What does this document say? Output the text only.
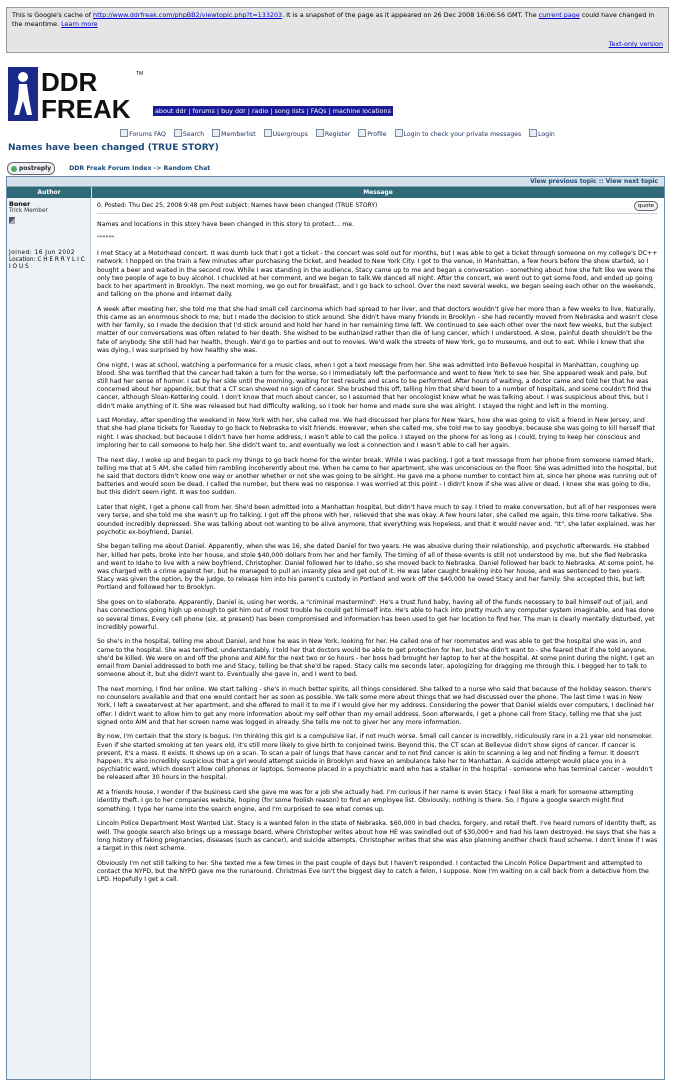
This is Google's cache of http://www.ddrfreak.com/phpBB2/viewtopic.php?t=133203. It is a snapshot of the page as it appeared on 26 Dec 2008 16:06:56 GMT. The current page could have changed in the meantime. Learn more
Text-only version
DDR
FREAK
TM
about ddr | forums | buy ddr | radio | song lists | FAQs | machine locations
Forums FAQ	Search	Memberlist	Usergroups	Register	Profile	Login to check your private messages	Login
Names have been changed (TRUE STORY)
postreply	DDR Freak Forum Index -> Random Chat
View previous topic :: View next topic
Author	Message
Boner
Trick Member
Joined: 16 Jun 2002
Location: C H E R R Y L I C I O U S
0. Posted: Thu Dec 25, 2008 9:48 pm Post subject: Names have been changed (TRUE STORY)	quote

Names and locations in this story have been changed in this story to protect... me.

""""""

I met Stacy at a Motorhead concert. It was dumb luck that I got a ticket - the concert was sold out for months, but I was able to get a ticket through someone on my college's DC++ network. I hopped on the train a few minutes after purchasing the ticket, and headed to New York City. I got to the venue, in Manhattan, a few hours before the show started, so I bought a beer and waited in the second row. While I was standing in the audience, Stacy came up to me and began a conversation - something about how she felt like we were the only two people of age to buy alcohol. I chuckled at her comment, and we began to talk.We danced all night. After the concert, we went out to get some food, and ended up going back to her apartment in Brooklyn. The next morning, we go out for breakfast, and I go back to school. Over the next several weeks, we began seeing each other on the weekends, and talking on the phone and internet daily.

A week after meeting her, she told me that she had small cell carcinoma which had spread to her liver, and that doctors wouldn't give her more than a few weeks to live. Naturally, this came as an enormous shock to me, but I made the decision to stick around. She didn't have many friends in Brooklyn - she had recently moved from Nebraska and wasn't close with her family, so I made the decision that I'd stick around and hold her hand in her remaining time left. We continued to see each other over the next few weeks, but the subject matter of our conversations was often related to her death. She wished to be euthanized rather than die of lung cancer, which I understood. A slow, painful death shouldn't be the fate of anybody. She still had her health, though. We'd go to parties and out to movies. We'd walk the streets of New York, go to museums, and out to eat. While I knew that she was dying, I was surprised by how healthy she was.

One night, I was at school, watching a performance for a music class, when I got a text message from her. She was admitted into Bellevue hospital in Manhattan, coughing up blood. She was terrified that the cancer had taken a turn for the worse, so I immediately left the performance and went to New York to see her. She appeared weak and pale, but still had her sense of humor. I sat by her side until the morning, waiting for test results and scans to be performed. After hours of waiting, a doctor came and told her that he was concerned about her appendix, but that a CT scan showed no sign of cancer. She brushed this off, telling him that she'd been to a number of hospitals, and some couldn't find the cancer, although Sloan-Kettering could. I don't know that much about cancer, so I assumed that her oncologist knew what he was talking about. I was suspicious about this, but I didn't make anything of it. She was released but had difficulty walking, so I took her home and made sure she was alright. I stayed the night and left in the morning.

Last Monday, after spending the weekend in New York with her, she called me. We had discussed her plans for New Years, how she was going to visit a friend in New Jersey, and that she had plane tickets for Tuesday to go back to Nebraska to visit friends. However, when she called me, she told me to say goodbye, because she was going to kill herself that night. I was shocked, but because I didn't have her home address, I wasn't able to call the police. I stayed on the phone for as long as I could, trying to keep her conscious and imploring her to call someone to help her. She didn't want to, and eventually we lost a connection and I wasn't able to call her again.

The next day, I woke up and began to pack my things to go back home for the winter break. While I was packing, I got a text message from her phone from someone named Mark, telling me that at 5 AM, she called him rambling incoherently about me. When he came to her apartment, she was unconscious on the floor. She was admitted into the hospital, but he said that doctors didn't know one way or another whether or not she was going to be alright. He gave me a phone number to contact him at, since her phone was running out of batteries and would soon be dead. I called the number, but there was no response. I was worried at this point - I didn't know if she was alive or dead. I knew she was going to die, but this didn't seem right. It was too sudden.

Later that night, I get a phone call from her. She'd been admitted into a Manhattan hospital, but didn't have much to say. I tried to make conversation, but all of her responses were very terse, and she told me she wasn't up fro talking. I got off the phone with her, relieved that she was okay. A few hours later, she called me again, this time more talkative. She sounded incredibly depressed. She was talking about not wanting to be alive anymore, that everything was hopeless, and that it would never end. "It", she later explained, was her psychotic ex-boyfriend, Daniel.

She began telling me about Daniel. Apparently, when she was 16, she dated Daniel for two years. He was abusive during their relationship, and psychotic afterwards. He stabbed her, killed her pets, broke into her house, and stole $40,000 dollars from her and her family. The timing of all of these events is still not understood by me, but she fled Nebraska and went to Idaho to live with a new boyfriend, Christopher. Daniel followed her to Idaho, so she moved back to Nebraska. Daniel followed her back to Nebraska. At some point, he was charged with a crime against her, but he managed to pull an insanity plea and get out of it. He was later caught breaking into her house, and was sentenced to two years. Stacy was given the option, by the judge, to release him into his parent's custody in Portland and work off the $40,000 he owed Stacy and her family. She accepted this, but left Portland and followed her to Brooklyn.

She goes on to elaborate. Apparently, Daniel is, using her words, a "criminal mastermind". He's a trust fund baby, having all of the funds necessary to bail himself out of jail, and has connections going high up enough to get him out of most trouble he could get himself into. He's able to hack into pretty much any computer system imaginable, and has done so several times. Every cell phone (six, at present) has been compromised and information has been used to get her location to find her. The man is clearly mentally disturbed, yet incredibly powerful.

So she's in the hospital, telling me about Daniel, and how he was in New York, looking for her. He called one of her roommates and was able to get the hospital she was in, and came to the hospital. She was terrified, understandably. I told her that doctors would be able to get protection for her, but she didn't want to - she feared that if she told anyone, she'd be killed. We were on and off the phone and AIM for the next two or so hours - her boss had brought her laptop to her at the hospital. At some point during the night, I get an email from Daniel addressed to both me and Stacy, telling be that she'd be raped. Stacy calls me seconds later, apologizing for dragging me through this. I begged her to talk to someone about it, but she didn't want to. Eventually she gave in, and I went to bed.

The next morning, I find her online. We start talking - she's in much better spirits, all things considered. She talked to a nurse who said that because of the holiday season, there's no counselors available and that one would contact her as soon as possible. We talk some more about things that we had discussed over the phone. The last time I was in New York, I left a sweatervest at her apartment, and she offered to mail it to me if I would give her my address. Considering the power that Daniel wields over computers, I declined her offer. I didn't want to allow him to get any more information about my self other than my email address. Soon afterwards, I get a phone call from Stacy, telling me that she just signed onto AIM and that her screen name was logged in already. She tells me not to giver her any more information.

By now, I'm certain that the story is bogus. I'm thinking this girl is a compulsive liar, if not much worse. Small cell cancer is incredibly, ridiculously rare in a 21 year old nonsmoker. Even if she started smoking at ten years old, it's still more likely to give birth to conjoined twins. Beyond this, the CT scan at Bellevue didn't show signs of cancer. If cancer is present, it's a mass. It exists. It shows up on a scan. To scan a pair of lungs that have cancer and to not find cancer is akin to scanning a leg and not finding a femur. It doesn't happen. It's also incredibly suspicious that a girl would attempt suicide in Brooklyn and have an ambulance take her to Manhattan. A suicide attempt would place you in a psychiatric ward, which doesn't allow cell phones or laptops. Someone placed in a psychiatric ward who has a stalker in the hospital - someone who has terminal cancer - wouldn't be released after 30 hours in the hospital.

At a friends house, I wonder if the business card she gave me was for a job she actually had. I'm curious if her name is even Stacy. I feel like a mark for someone attempting identity theft. I go to her companies website, hoping (for some foolish reason) to find an employee list. Obviously, nothing is there. So, I figure a google search might find something. I type her name into the search engine, and I'm surprised to see what comes up.

Lincoln Police Department Most Wanted List. Stacy is a wanted felon in the state of Nebraska. $60,000 in bad checks, forgery, and retail theft. I've heard rumors of identity theft, as well. The google search also brings up a message board, where Christopher writes about how HE was swindled out of $30,000+ and had his lawn destroyed. He says that she has a long history of faking pregnancies, diseases (such as cancer), and suicide attempts. Christopher writes that she was also planning another check fraud scheme. I don't know if I was a target in this next scheme.

Obviously I'm not still talking to her. She texted me a few times in the past couple of days but I haven't responded. I contacted the Lincoln Police Department and attempted to contact the NYPD, but the NYPD gave me the runaround. Christmas Eve isn't the biggest day to catch a felon, I suppose. Now I'm waiting on a call back from a detective from the LPD. Hopefully I get a call.
